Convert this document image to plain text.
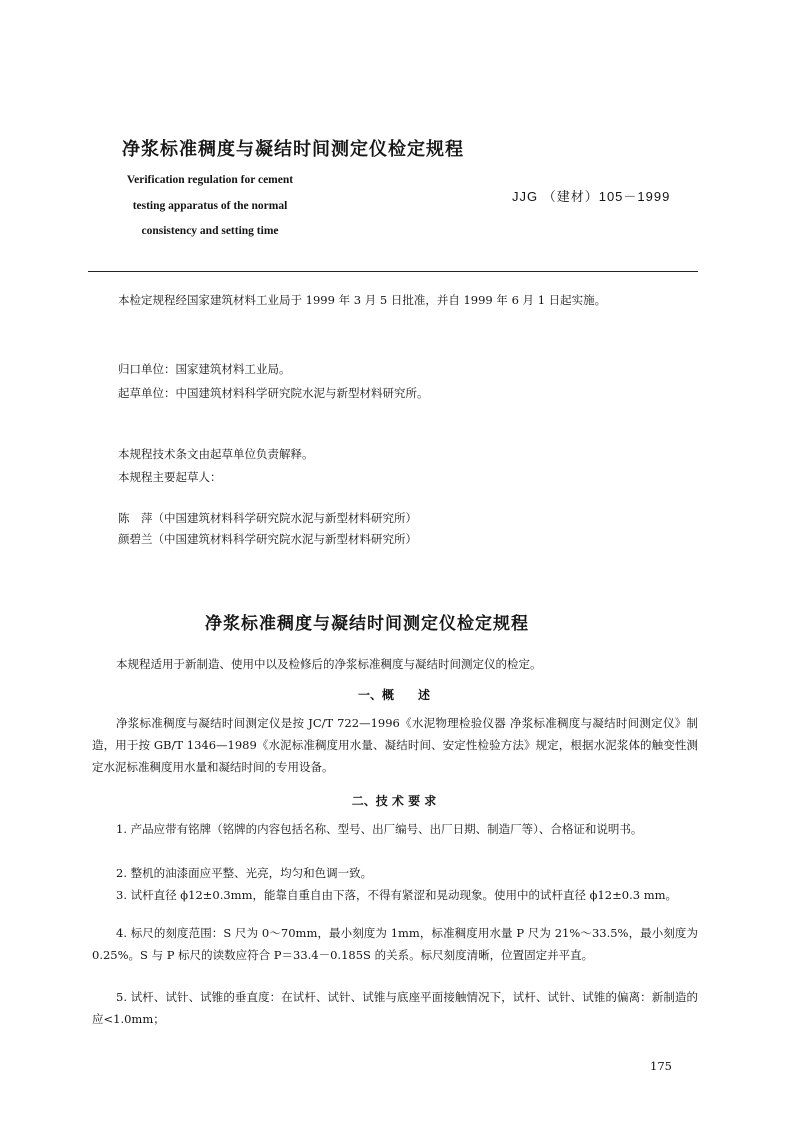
净浆标准稠度与凝结时间测定仪检定规程
Verification regulation for cement
testing apparatus of the normal
consistency and setting time
JJG （建材）105－1999
本检定规程经国家建筑材料工业局于 1999 年 3 月 5 日批准，并自 1999 年 6 月 1 日起实施。
归口单位：国家建筑材料工业局。
起草单位：中国建筑材料科学研究院水泥与新型材料研究所。
本规程技术条文由起草单位负责解释。
本规程主要起草人：
陈　萍（中国建筑材料科学研究院水泥与新型材料研究所）
颜碧兰（中国建筑材料科学研究院水泥与新型材料研究所）
净浆标准稠度与凝结时间测定仪检定规程
本规程适用于新制造、使用中以及检修后的净浆标准稠度与凝结时间测定仪的检定。
一、概　　述
净浆标准稠度与凝结时间测定仪是按 JC/T 722—1996《水泥物理检验仪器 净浆标准稠度与凝结时间测定仪》制造，用于按 GB/T 1346—1989《水泥标准稠度用水量、凝结时间、安定性检验方法》规定，根据水泥浆体的触变性测定水泥标准稠度用水量和凝结时间的专用设备。
二、技 术 要 求
1. 产品应带有铭牌（铭牌的内容包括名称、型号、出厂编号、出厂日期、制造厂等）、合格证和说明书。
2. 整机的油漆面应平整、光亮，均匀和色调一致。
3. 试杆直径 ϕ12±0.3mm，能靠自重自由下落，不得有紧涩和晃动现象。使用中的试杆直径 ϕ12±0.3 mm。
4. 标尺的刻度范围：S 尺为 0～70mm，最小刻度为 1mm，标准稠度用水量 P 尺为 21%～33.5%，最小刻度为 0.25%。S 与 P 标尺的读数应符合 P＝33.4－0.185S 的关系。标尺刻度清晰，位置固定并平直。
5. 试杆、试针、试锥的垂直度：在试杆、试针、试锥与底座平面接触情况下，试杆、试针、试锥的偏离：新制造的应<1.0mm；
175
